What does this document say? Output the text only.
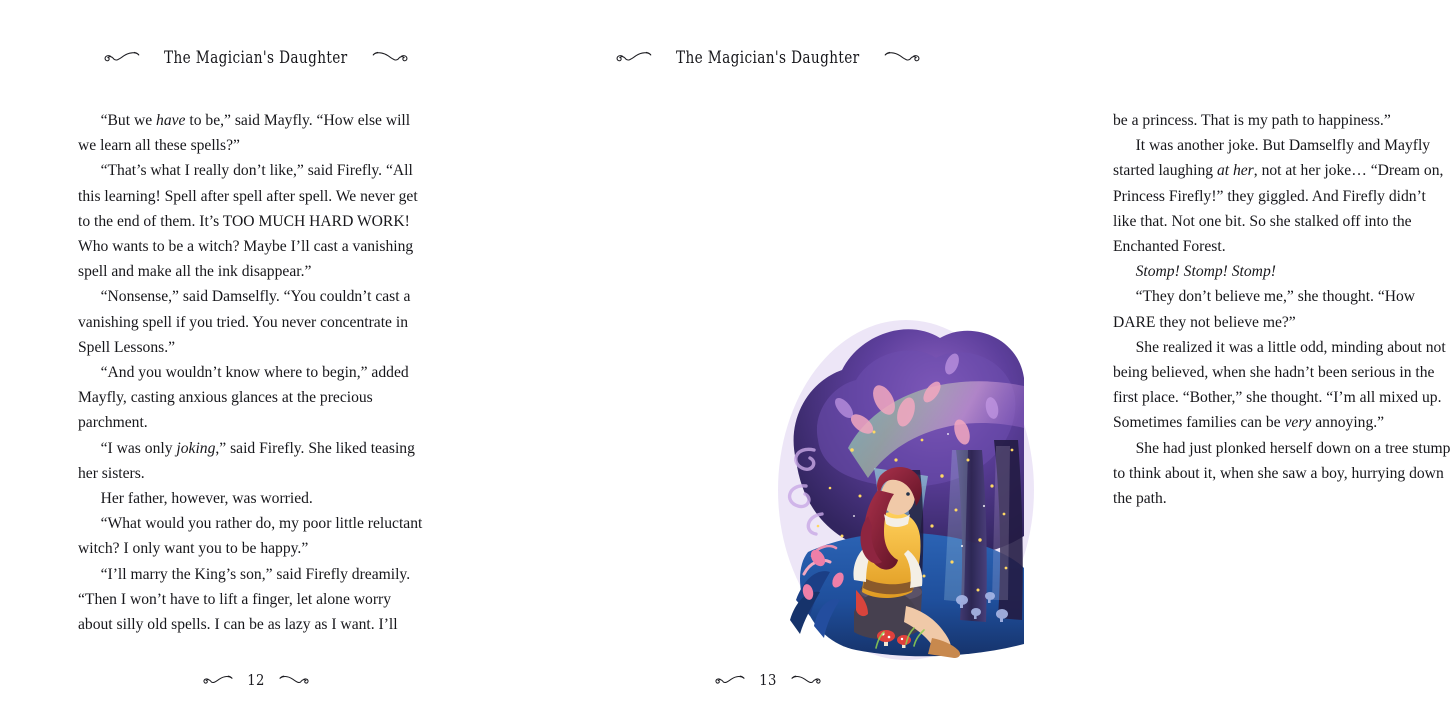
The Magician's Daughter

“But we have to be,” said Mayfly. “How else will we learn all these spells?”

“That’s what I really don’t like,” said Firefly. “All this learning! Spell after spell after spell. We never get to the end of them. It’s TOO MUCH HARD WORK! Who wants to be a witch? Maybe I’ll cast a vanishing spell and make all the ink disappear.”

“Nonsense,” said Damselfly. “You couldn’t cast a vanishing spell if you tried. You never concentrate in Spell Lessons.”

“And you wouldn’t know where to begin,” added Mayfly, casting anxious glances at the precious parchment.

“I was only joking,” said Firefly. She liked teasing her sisters.

Her father, however, was worried.

“What would you rather do, my poor little reluctant witch? I only want you to be happy.”

“I’ll marry the King’s son,” said Firefly dreamily. “Then I won’t have to lift a finger, let alone worry about silly old spells. I can be as lazy as I want. I’ll

12
The Magician's Daughter

be a princess. That is my path to happiness.”

It was another joke. But Damselfly and Mayfly started laughing at her, not at her joke… “Dream on, Princess Firefly!” they giggled. And Firefly didn’t like that. Not one bit. So she stalked off into the Enchanted Forest.

Stomp! Stomp! Stomp!

“They don’t believe me,” she thought. “How DARE they not believe me?”

She realized it was a little odd, minding about not being believed, when she hadn’t been serious in the first place. “Bother,” she thought. “I’m all mixed up. Sometimes families can be very annoying.”

She had just plonked herself down on a tree stump to think about it, when she saw a boy, hurrying down the path.

13
